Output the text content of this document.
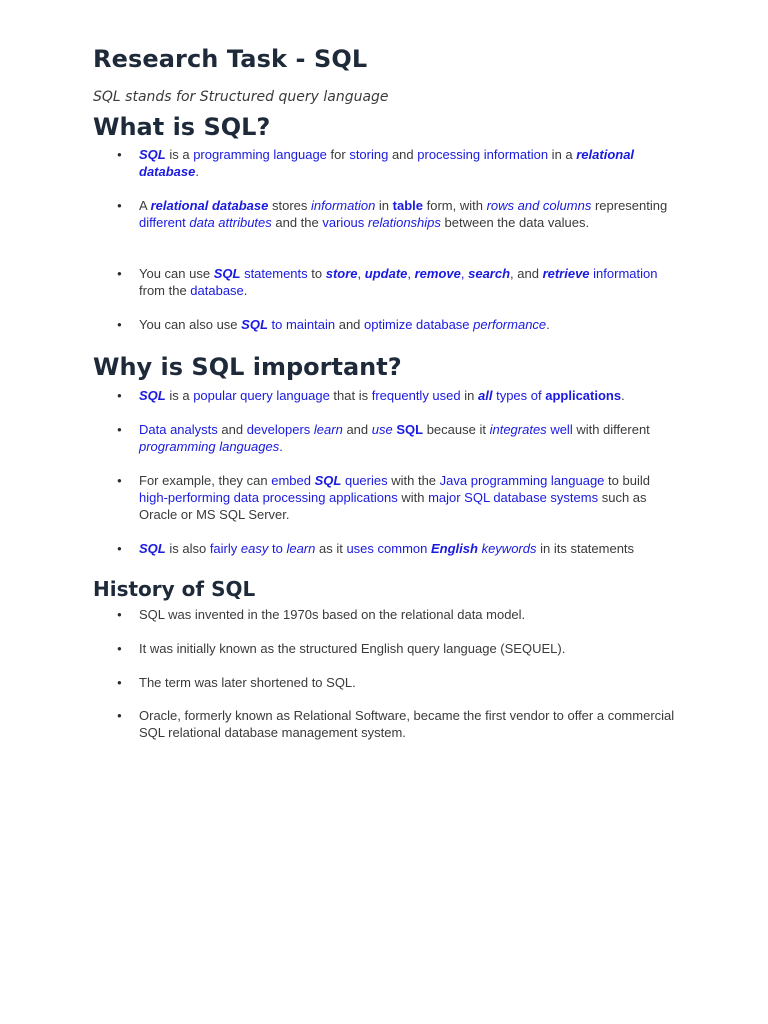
Research Task - SQL

SQL stands for Structured query language

What is SQL?
● SQL is a programming language for storing and processing information in a relational database.
● A relational database stores information in table form, with rows and columns representing different data attributes and the various relationships between the data values.
● You can use SQL statements to store, update, remove, search, and retrieve information from the database.
● You can also use SQL to maintain and optimize database performance.
Why is SQL important?
● SQL is a popular query language that is frequently used in all types of applications.
● Data analysts and developers learn and use SQL because it integrates well with different programming languages.
● For example, they can embed SQL queries with the Java programming language to build high-performing data processing applications with major SQL database systems such as Oracle or MS SQL Server.
● SQL is also fairly easy to learn as it uses common English keywords in its statements
History of SQL
● SQL was invented in the 1970s based on the relational data model.
● It was initially known as the structured English query language (SEQUEL).
● The term was later shortened to SQL.
● Oracle, formerly known as Relational Software, became the first vendor to offer a commercial SQL relational database management system.
